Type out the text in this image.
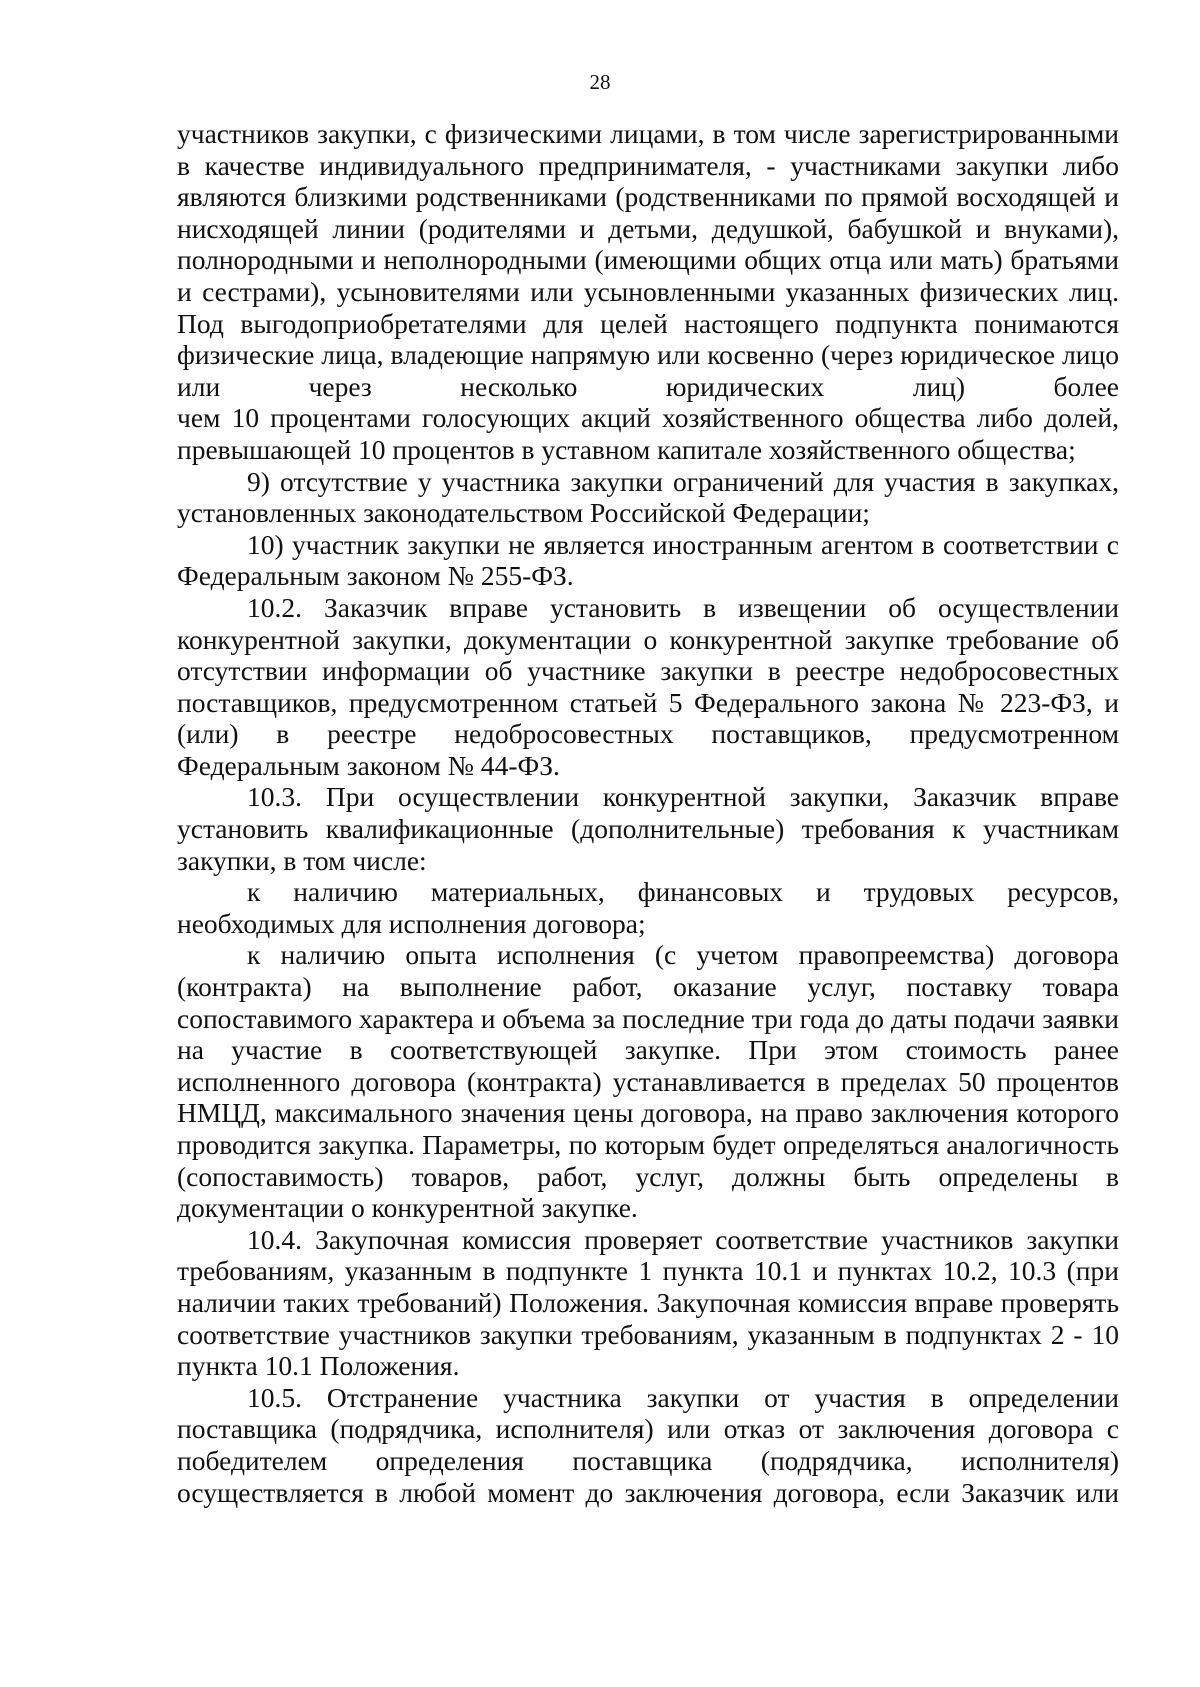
28

участников закупки, с физическими лицами, в том числе зарегистрированными в качестве индивидуального предпринимателя, - участниками закупки либо являются близкими родственниками (родственниками по прямой восходящей и нисходящей линии (родителями и детьми, дедушкой, бабушкой и внуками), полнородными и неполнородными (имеющими общих отца или мать) братьями и сестрами), усыновителями или усыновленными указанных физических лиц. Под выгодоприобретателями для целей настоящего подпункта понимаются физические лица, владеющие напрямую или косвенно (через юридическое лицо или через несколько юридических лиц) более

чем 10 процентами голосующих акций хозяйственного общества либо долей, превышающей 10 процентов в уставном капитале хозяйственного общества;

9) отсутствие у участника закупки ограничений для участия в закупках, установленных законодательством Российской Федерации;

10) участник закупки не является иностранным агентом в соответствии с Федеральным законом № 255-ФЗ.

10.2. Заказчик вправе установить в извещении об осуществлении конкурентной закупки, документации о конкурентной закупке требование об отсутствии информации об участнике закупки в реестре недобросовестных поставщиков, предусмотренном статьей 5 Федерального закона № 223-ФЗ, и (или) в реестре недобросовестных поставщиков, предусмотренном Федеральным законом № 44-ФЗ.

10.3. При осуществлении конкурентной закупки, Заказчик вправе установить квалификационные (дополнительные) требования к участникам закупки, в том числе:

к наличию материальных, финансовых и трудовых ресурсов, необходимых для исполнения договора;

к наличию опыта исполнения (с учетом правопреемства) договора (контракта) на выполнение работ, оказание услуг, поставку товара сопоставимого характера и объема за последние три года до даты подачи заявки на участие в соответствующей закупке. При этом стоимость ранее исполненного договора (контракта) устанавливается в пределах 50 процентов НМЦД, максимального значения цены договора, на право заключения которого проводится закупка. Параметры, по которым будет определяться аналогичность (сопоставимость) товаров, работ, услуг, должны быть определены в документации о конкурентной закупке.

10.4. Закупочная комиссия проверяет соответствие участников закупки требованиям, указанным в подпункте 1 пункта 10.1 и пунктах 10.2, 10.3 (при наличии таких требований) Положения. Закупочная комиссия вправе проверять соответствие участников закупки требованиям, указанным в подпунктах 2 - 10 пункта 10.1 Положения.

10.5. Отстранение участника закупки от участия в определении поставщика (подрядчика, исполнителя) или отказ от заключения договора с победителем определения поставщика (подрядчика, исполнителя) осуществляется в любой момент до заключения договора, если Заказчик или
